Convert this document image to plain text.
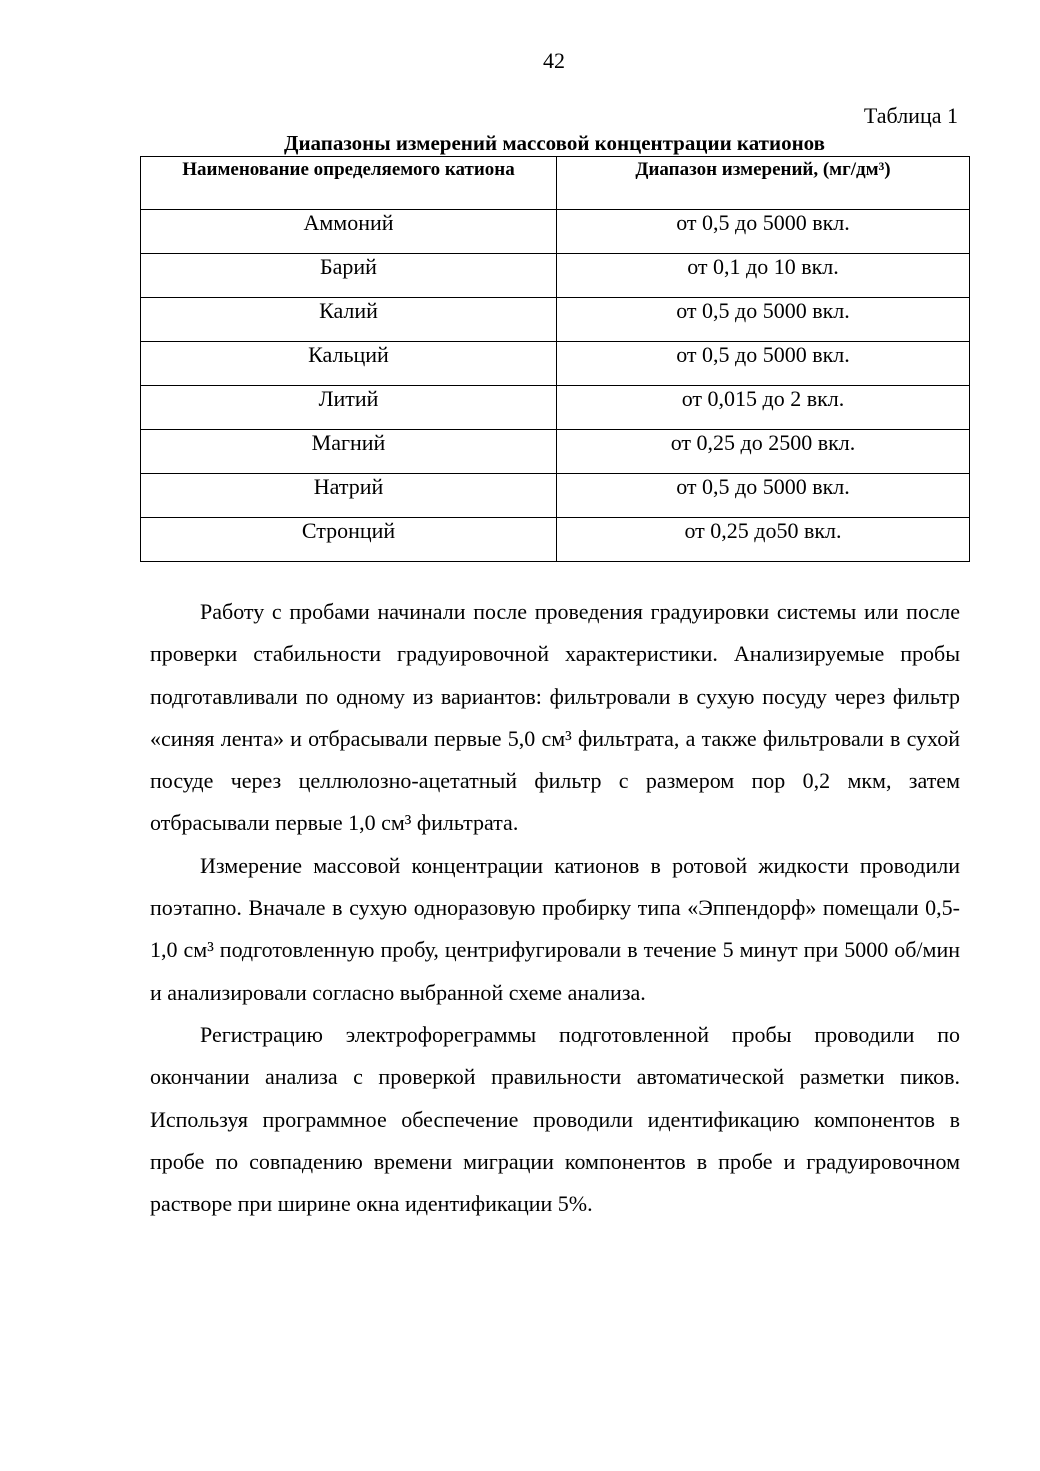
42
Таблица 1
Диапазоны измерений массовой концентрации катионов
Наименование определяемого катиона	Диапазон измерений, (мг/дм³)
Аммоний	от 0,5 до 5000 вкл.
Барий	от 0,1 до 10 вкл.
Калий	от 0,5 до 5000 вкл.
Кальций	от 0,5 до 5000 вкл.
Литий	от 0,015 до 2 вкл.
Магний	от 0,25 до 2500 вкл.
Натрий	от 0,5 до 5000 вкл.
Стронций	от 0,25 до50 вкл.

Работу с пробами начинали после проведения градуировки системы или после проверки стабильности градуировочной характеристики. Анализируемые пробы подготавливали по одному из вариантов: фильтровали в сухую посуду через фильтр «синяя лента» и отбрасывали первые 5,0 см³ фильтрата, а также фильтровали в сухой посуде через целлюлозно-ацетатный фильтр с размером пор 0,2 мкм, затем отбрасывали первые 1,0 см³ фильтрата.

Измерение массовой концентрации катионов в ротовой жидкости проводили поэтапно. Вначале в сухую одноразовую пробирку типа «Эппендорф» помещали 0,5-1,0 см³ подготовленную пробу, центрифугировали в течение 5 минут при 5000 об/мин и анализировали согласно выбранной схеме анализа.

Регистрацию электрофореграммы подготовленной пробы проводили по окончании анализа с проверкой правильности автоматической разметки пиков. Используя программное обеспечение проводили идентификацию компонентов в пробе по совпадению времени миграции компонентов в пробе и градуировочном растворе при ширине окна идентификации 5%.
